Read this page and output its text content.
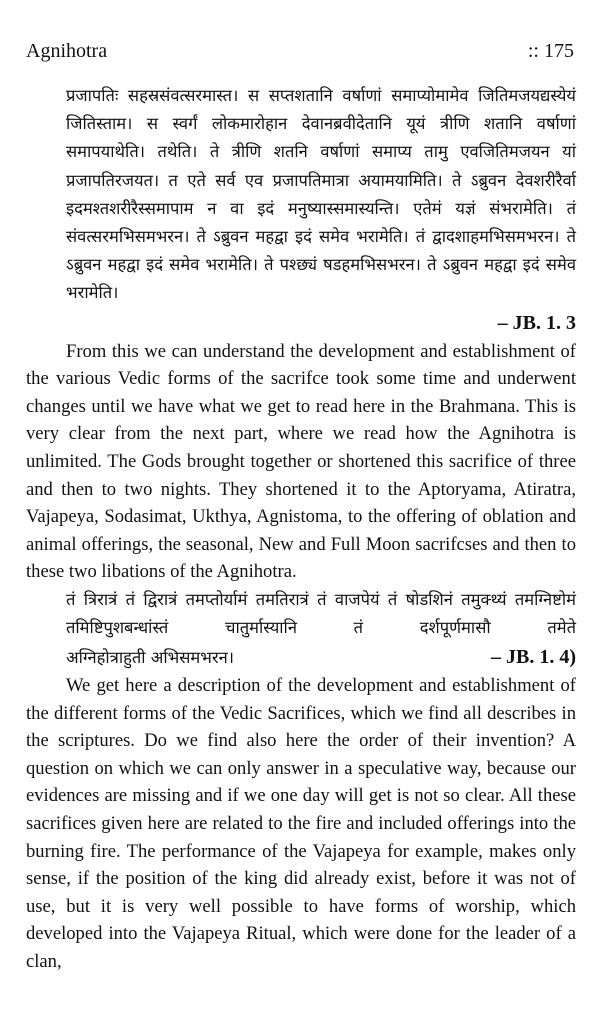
Agnihotra	:: 175

प्रजापतिः सहस्रसंवत्सरमास्त। स सप्तशतानि वर्षाणां समाप्योमामेव जितिमजयद्यस्येयं जितिस्ताम। स स्वर्गं लोकमारोहान देवानब्रवीदेतानि यूयं त्रीणि शतानि वर्षाणां समापयाथेति। तथेति। ते त्रीणि शतनि वर्षाणां समाप्य तामु एवजितिमजयन यां प्रजापतिरजयत। त एते सर्व एव प्रजापतिमात्रा अयामयामिति। ते ऽब्रुवन देवशरीरैर्वा इदमश्तशरीरैस्समापाम न वा इदं मनुष्यास्समास्यन्ति। एतेमं यज्ञं संभरामेति। तं संवत्सरमभिसमभरन। ते ऽब्रुवन महद्वा इदं समेव भरामेति। तं द्वादशाहमभिसमभरन। ते ऽब्रुवन महद्वा इदं समेव भरामेति। ते पश्छ्यं षडहमभिसभरन। ते ऽब्रुवन महद्वा इदं समेव भरामेति।

– JB. 1. 3

From this we can understand the development and establishment of the various Vedic forms of the sacrifce took some time and underwent changes until we have what we get to read here in the Brahmana. This is very clear from the next part, where we read how the Agnihotra is unlimited. The Gods brought together or shortened this sacrifice of three and then to two nights. They shortened it to the Aptoryama, Atiratra, Vajapeya, Sodasimat, Ukthya, Agnistoma, to the offering of oblation and animal offerings, the seasonal, New and Full Moon sacrifcses and then to these two libations of the Agnihotra.

तं त्रिरात्रं तं द्विरात्रं तमप्तोर्यामं तमतिरात्रं तं वाजपेयं तं षोडशिनं तमुक्थ्यं तमग्निष्टोमं तमिष्टिपुशबन्धांस्तं चातुर्मास्यानि तं दर्शपूर्णमासौ तमेते

अग्निहोत्राहुती अभिसमभरन।	– JB. 1. 4)

We get here a description of the development and establishment of the different forms of the Vedic Sacrifices, which we find all describes in the scriptures. Do we find also here the order of their invention? A question on which we can only answer in a speculative way, because our evidences are missing and if we one day will get is not so clear. All these sacrifices given here are related to the fire and included offerings into the burning fire. The performance of the Vajapeya for example, makes only sense, if the position of the king did already exist, before it was not of use, but it is very well possible to have forms of worship, which developed into the Vajapeya Ritual, which were done for the leader of a clan,
